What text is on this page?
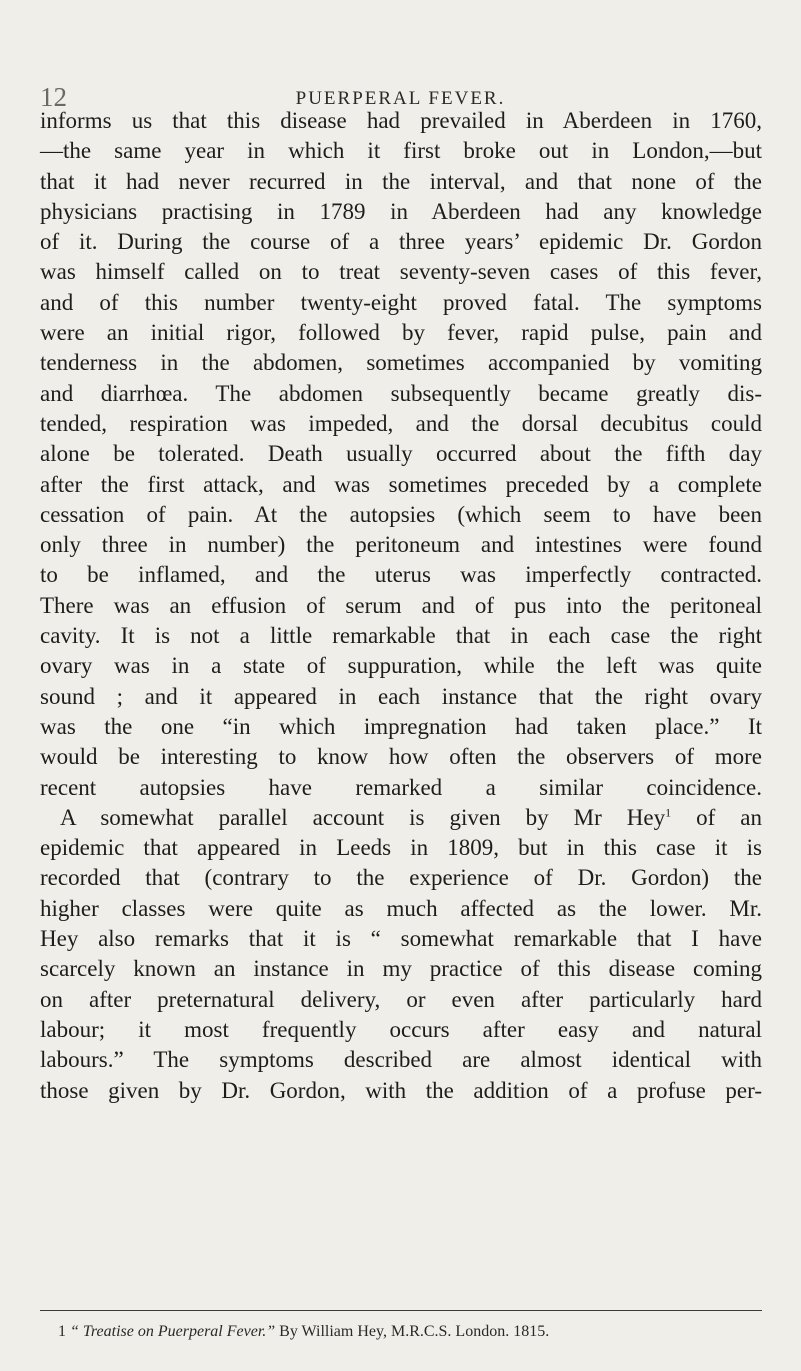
12	PUERPERAL FEVER.
informs us that this disease had prevailed in Aberdeen in 1760,
—the same year in which it first broke out in London,—but
that it had never recurred in the interval, and that none of the
physicians practising in 1789 in Aberdeen had any knowledge
of it. During the course of a three years’ epidemic Dr. Gordon
was himself called on to treat seventy-seven cases of this fever,
and of this number twenty-eight proved fatal. The symptoms
were an initial rigor, followed by fever, rapid pulse, pain and
tenderness in the abdomen, sometimes accompanied by vomiting
and diarrhœa. The abdomen subsequently became greatly dis-
tended, respiration was impeded, and the dorsal decubitus could
alone be tolerated. Death usually occurred about the fifth day
after the first attack, and was sometimes preceded by a complete
cessation of pain. At the autopsies (which seem to have been
only three in number) the peritoneum and intestines were found
to be inflamed, and the uterus was imperfectly contracted.
There was an effusion of serum and of pus into the peritoneal
cavity. It is not a little remarkable that in each case the right
ovary was in a state of suppuration, while the left was quite
sound ; and it appeared in each instance that the right ovary
was the one “in which impregnation had taken place.” It
would be interesting to know how often the observers of more
recent autopsies have remarked a similar coincidence.
A somewhat parallel account is given by Mr Hey$^1$ of an
epidemic that appeared in Leeds in 1809, but in this case it is
recorded that (contrary to the experience of Dr. Gordon) the
higher classes were quite as much affected as the lower. Mr.
Hey also remarks that it is “ somewhat remarkable that I have
scarcely known an instance in my practice of this disease coming
on after preternatural delivery, or even after particularly hard
labour; it most frequently occurs after easy and natural
labours.” The symptoms described are almost identical with
those given by Dr. Gordon, with the addition of a profuse per-
1 “ Treatise on Puerperal Fever.” By William Hey, M.R.C.S. London. 1815.
